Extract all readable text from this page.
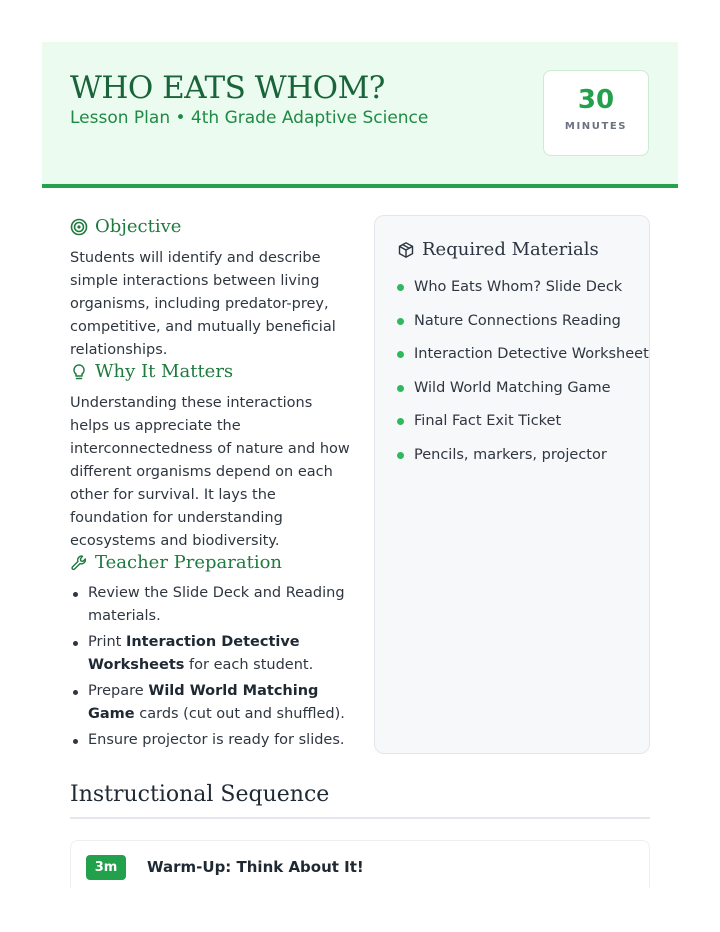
WHO EATS WHOM?
Lesson Plan • 4th Grade Adaptive Science
30
MINUTES
Objective

Students will identify and describe simple interactions between living organisms, including predator-prey, competitive, and mutually beneficial relationships.

Why It Matters

Understanding these interactions helps us appreciate the interconnectedness of nature and how different organisms depend on each other for survival. It lays the foundation for understanding ecosystems and biodiversity.

Teacher Preparation
Review the Slide Deck and Reading materials.
Print Interaction Detective Worksheets for each student.
Prepare Wild World Matching Game cards (cut out and shuffled).
Ensure projector is ready for slides.
Required Materials
Who Eats Whom? Slide Deck
Nature Connections Reading
Interaction Detective Worksheet
Wild World Matching Game
Final Fact Exit Ticket
Pencils, markers, projector
Instructional Sequence
3m	Warm-Up: Think About It!
